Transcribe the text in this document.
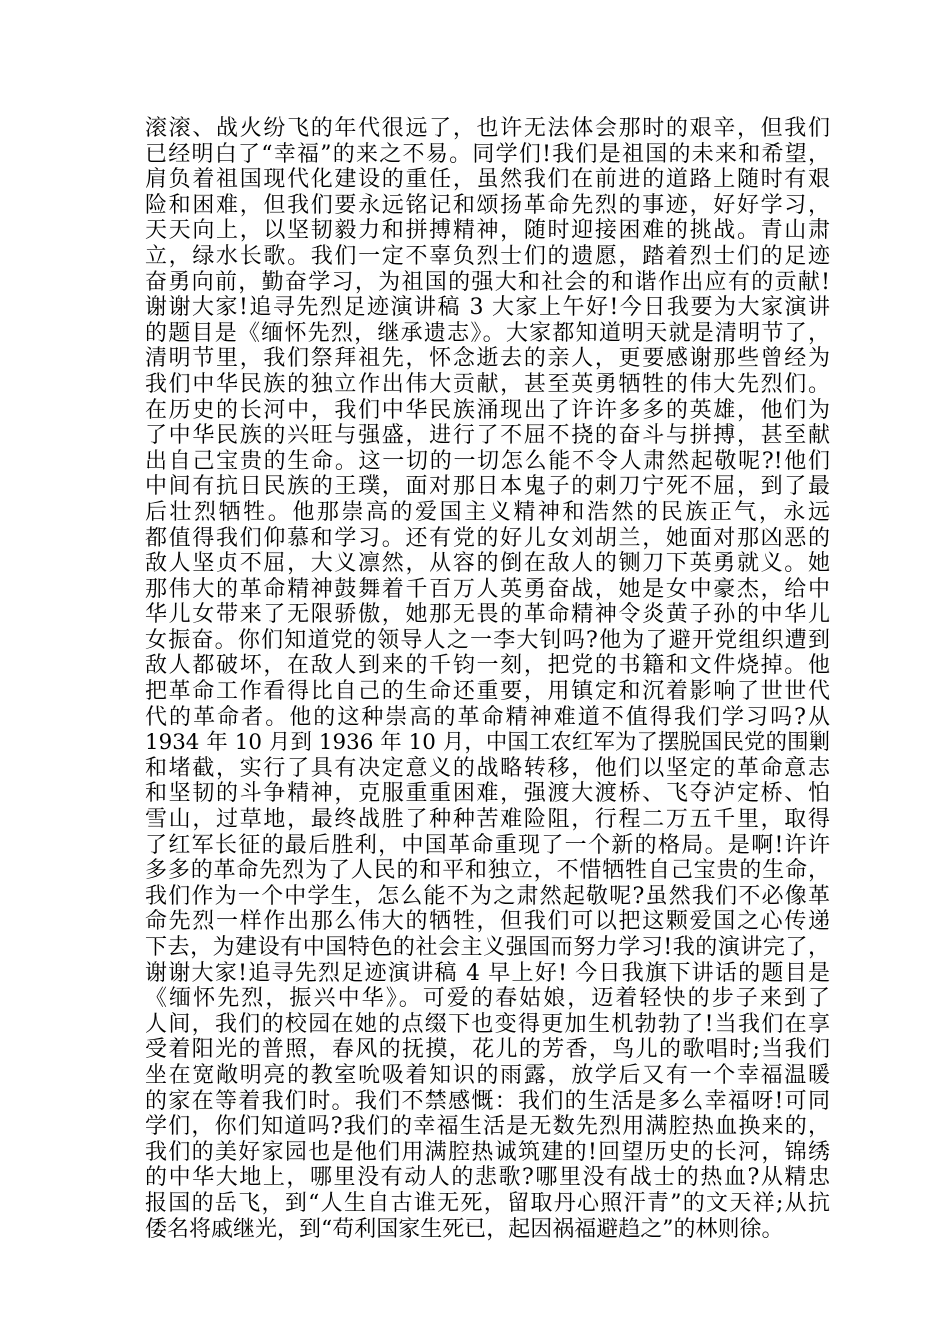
滚滚、战火纷飞的年代很远了，也许无法体会那时的艰辛，但我们
已经明白了“幸福”的来之不易。同学们!我们是祖国的未来和希望，
肩负着祖国现代化建设的重任，虽然我们在前进的道路上随时有艰
险和困难，但我们要永远铭记和颂扬革命先烈的事迹，好好学习，
天天向上，以坚韧毅力和拼搏精神，随时迎接困难的挑战。青山肃
立，绿水长歌。我们一定不辜负烈士们的遗愿，踏着烈士们的足迹
奋勇向前，勤奋学习，为祖国的强大和社会的和谐作出应有的贡献!
谢谢大家!追寻先烈足迹演讲稿 3 大家上午好!今日我要为大家演讲
的题目是《缅怀先烈，继承遗志》。大家都知道明天就是清明节了，
清明节里，我们祭拜祖先，怀念逝去的亲人，更要感谢那些曾经为
我们中华民族的独立作出伟大贡献，甚至英勇牺牲的伟大先烈们。
在历史的长河中，我们中华民族涌现出了许许多多的英雄，他们为
了中华民族的兴旺与强盛，进行了不屈不挠的奋斗与拼搏，甚至献
出自己宝贵的生命。这一切的一切怎么能不令人肃然起敬呢?!他们
中间有抗日民族的王璞，面对那日本鬼子的刺刀宁死不屈，到了最
后壮烈牺牲。他那崇高的爱国主义精神和浩然的民族正气，永远
都值得我们仰慕和学习。还有党的好儿女刘胡兰，她面对那凶恶的
敌人坚贞不屈，大义凛然，从容的倒在敌人的铡刀下英勇就义。她
那伟大的革命精神鼓舞着千百万人英勇奋战，她是女中豪杰，给中
华儿女带来了无限骄傲，她那无畏的革命精神令炎黄子孙的中华儿
女振奋。你们知道党的领导人之一李大钊吗?他为了避开党组织遭到
敌人都破坏，在敌人到来的千钧一刻，把党的书籍和文件烧掉。他
把革命工作看得比自己的生命还重要，用镇定和沉着影响了世世代
代的革命者。他的这种崇高的革命精神难道不值得我们学习吗?从
1934 年 10 月到 1936 年 10 月，中国工农红军为了摆脱国民党的围剿
和堵截，实行了具有决定意义的战略转移，他们以坚定的革命意志
和坚韧的斗争精神，克服重重困难，强渡大渡桥、飞夺泸定桥、怕
雪山，过草地，最终战胜了种种苦难险阻，行程二万五千里，取得
了红军长征的最后胜利，中国革命重现了一个新的格局。是啊!许许
多多的革命先烈为了人民的和平和独立，不惜牺牲自己宝贵的生命，
我们作为一个中学生，怎么能不为之肃然起敬呢?虽然我们不必像革
命先烈一样作出那么伟大的牺牲，但我们可以把这颗爱国之心传递
下去，为建设有中国特色的社会主义强国而努力学习!我的演讲完了，
谢谢大家!追寻先烈足迹演讲稿 4 早上好! 今日我旗下讲话的题目是
《缅怀先烈，振兴中华》。可爱的春姑娘，迈着轻快的步子来到了
人间，我们的校园在她的点缀下也变得更加生机勃勃了!当我们在享
受着阳光的普照，春风的抚摸，花儿的芳香，鸟儿的歌唱时;当我们
坐在宽敞明亮的教室吮吸着知识的雨露，放学后又有一个幸福温暖
的家在等着我们时。我们不禁感慨：我们的生活是多么幸福呀!可同
学们，你们知道吗?我们的幸福生活是无数先烈用满腔热血换来的，
我们的美好家园也是他们用满腔热诚筑建的!回望历史的长河，锦绣
的中华大地上，哪里没有动人的悲歌?哪里没有战士的热血?从精忠
报国的岳飞，到“人生自古谁无死，留取丹心照汗青”的文天祥;从抗
倭名将戚继光，到“苟利国家生死已，起因祸福避趋之”的林则徐。
